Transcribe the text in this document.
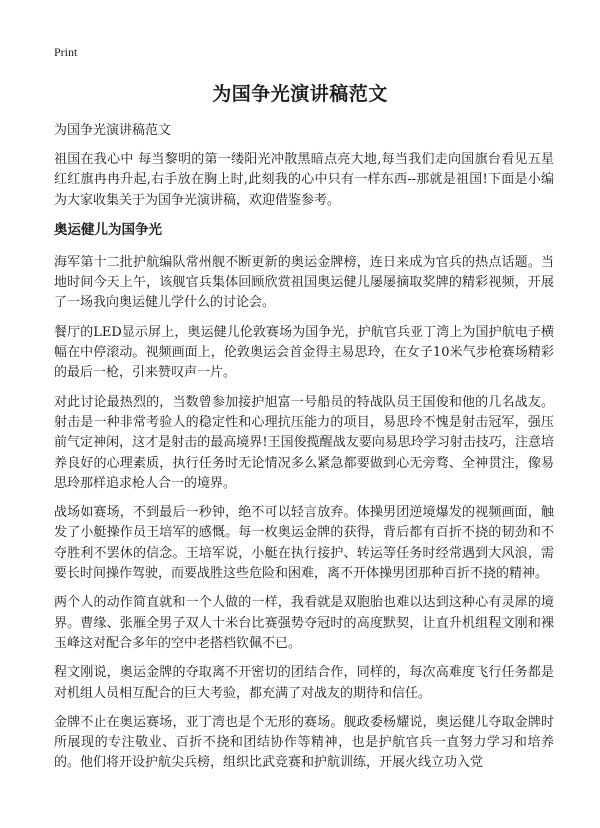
Print
为国争光演讲稿范文

为国争光演讲稿范文

祖国在我心中 每当黎明的第一缕阳光冲散黑暗点亮大地,每当我们走向国旗台看见五星红红旗冉冉升起,右手放在胸上时,此刻我的心中只有一样东西--那就是祖国!下面是小编为大家收集关于为国争光演讲稿，欢迎借鉴参考。

奥运健儿为国争光

海军第十二批护航编队常州舰不断更新的奥运金牌榜，连日来成为官兵的热点话题。当地时间今天上午，该舰官兵集体回顾欣赏祖国奥运健儿屡屡摘取奖牌的精彩视频，开展了一场我向奥运健儿学什么的讨论会。

餐厅的LED显示屏上，奥运健儿伦敦赛场为国争光，护航官兵亚丁湾上为国护航电子横幅在中停滚动。视频画面上，伦敦奥运会首金得主易思玲，在女子10米气步枪赛场精彩的最后一枪，引来赞叹声一片。

对此讨论最热烈的，当数曾参加接护旭富一号船员的特战队员王国俊和他的几名战友。射击是一种非常考验人的稳定性和心理抗压能力的项目，易思玲不愧是射击冠军，强压前气定神闲，这才是射击的最高境界!王国俊揽醒战友要向易思玲学习射击技巧，注意培养良好的心理素质，执行任务时无论情况多么紧急都要做到心无旁骛、全神贯注，像易思玲那样追求枪人合一的境界。

战场如赛场，不到最后一秒钟，绝不可以轻言放弃。体操男团逆境爆发的视频画面，触发了小艇操作员王培军的感慨。每一枚奥运金牌的获得，背后都有百折不挠的韧劲和不夺胜利不罢休的信念。王培军说，小艇在执行接护、转运等任务时经常遇到大风浪，需要长时间操作驾驶，而要战胜这些危险和困难，离不开体操男团那种百折不挠的精神。

两个人的动作简直就和一个人做的一样，我看就是双胞胎也难以达到这种心有灵犀的境界。曹缘、张雁全男子双人十米台比赛强势夺冠时的高度默契，让直升机组程文刚和裸玉峰这对配合多年的空中老搭档钦佩不已。

程文刚说，奥运金牌的夺取离不开密切的团结合作，同样的，每次高难度飞行任务都是对机组人员相互配合的巨大考验，都充满了对战友的期待和信任。

金牌不止在奥运赛场，亚丁湾也是个无形的赛场。舰政委杨耀说，奥运健儿夺取金牌时所展现的专注敬业、百折不挠和团结协作等精神，也是护航官兵一直努力学习和培养的。他们将开设护航尖兵榜，组织比武竞赛和护航训练，开展火线立功入党
